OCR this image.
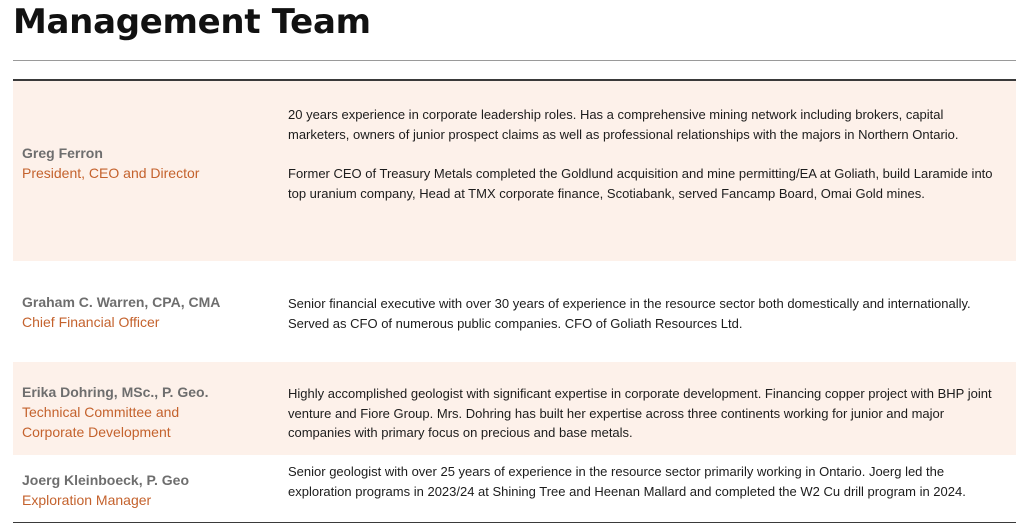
Management Team
Greg Ferron
President, CEO and Director

20 years experience in corporate leadership roles. Has a comprehensive mining network including brokers, capital marketers, owners of junior prospect claims as well as professional relationships with the majors in Northern Ontario.

Former CEO of Treasury Metals completed the Goldlund acquisition and mine permitting/EA at Goliath, build Laramide into top uranium company, Head at TMX corporate finance, Scotiabank, served Fancamp Board, Omai Gold mines.

Graham C. Warren, CPA, CMA
Chief Financial Officer

Senior financial executive with over 30 years of experience in the resource sector both domestically and internationally. Served as CFO of numerous public companies. CFO of Goliath Resources Ltd.

Erika Dohring, MSc., P. Geo.
Technical Committee and
Corporate Development

Highly accomplished geologist with significant expertise in corporate development. Financing copper project with BHP joint venture and Fiore Group. Mrs. Dohring has built her expertise across three continents working for junior and major companies with primary focus on precious and base metals.

Joerg Kleinboeck, P. Geo
Exploration Manager

Senior geologist with over 25 years of experience in the resource sector primarily working in Ontario. Joerg led the exploration programs in 2023/24 at Shining Tree and Heenan Mallard and completed the W2 Cu drill program in 2024.
